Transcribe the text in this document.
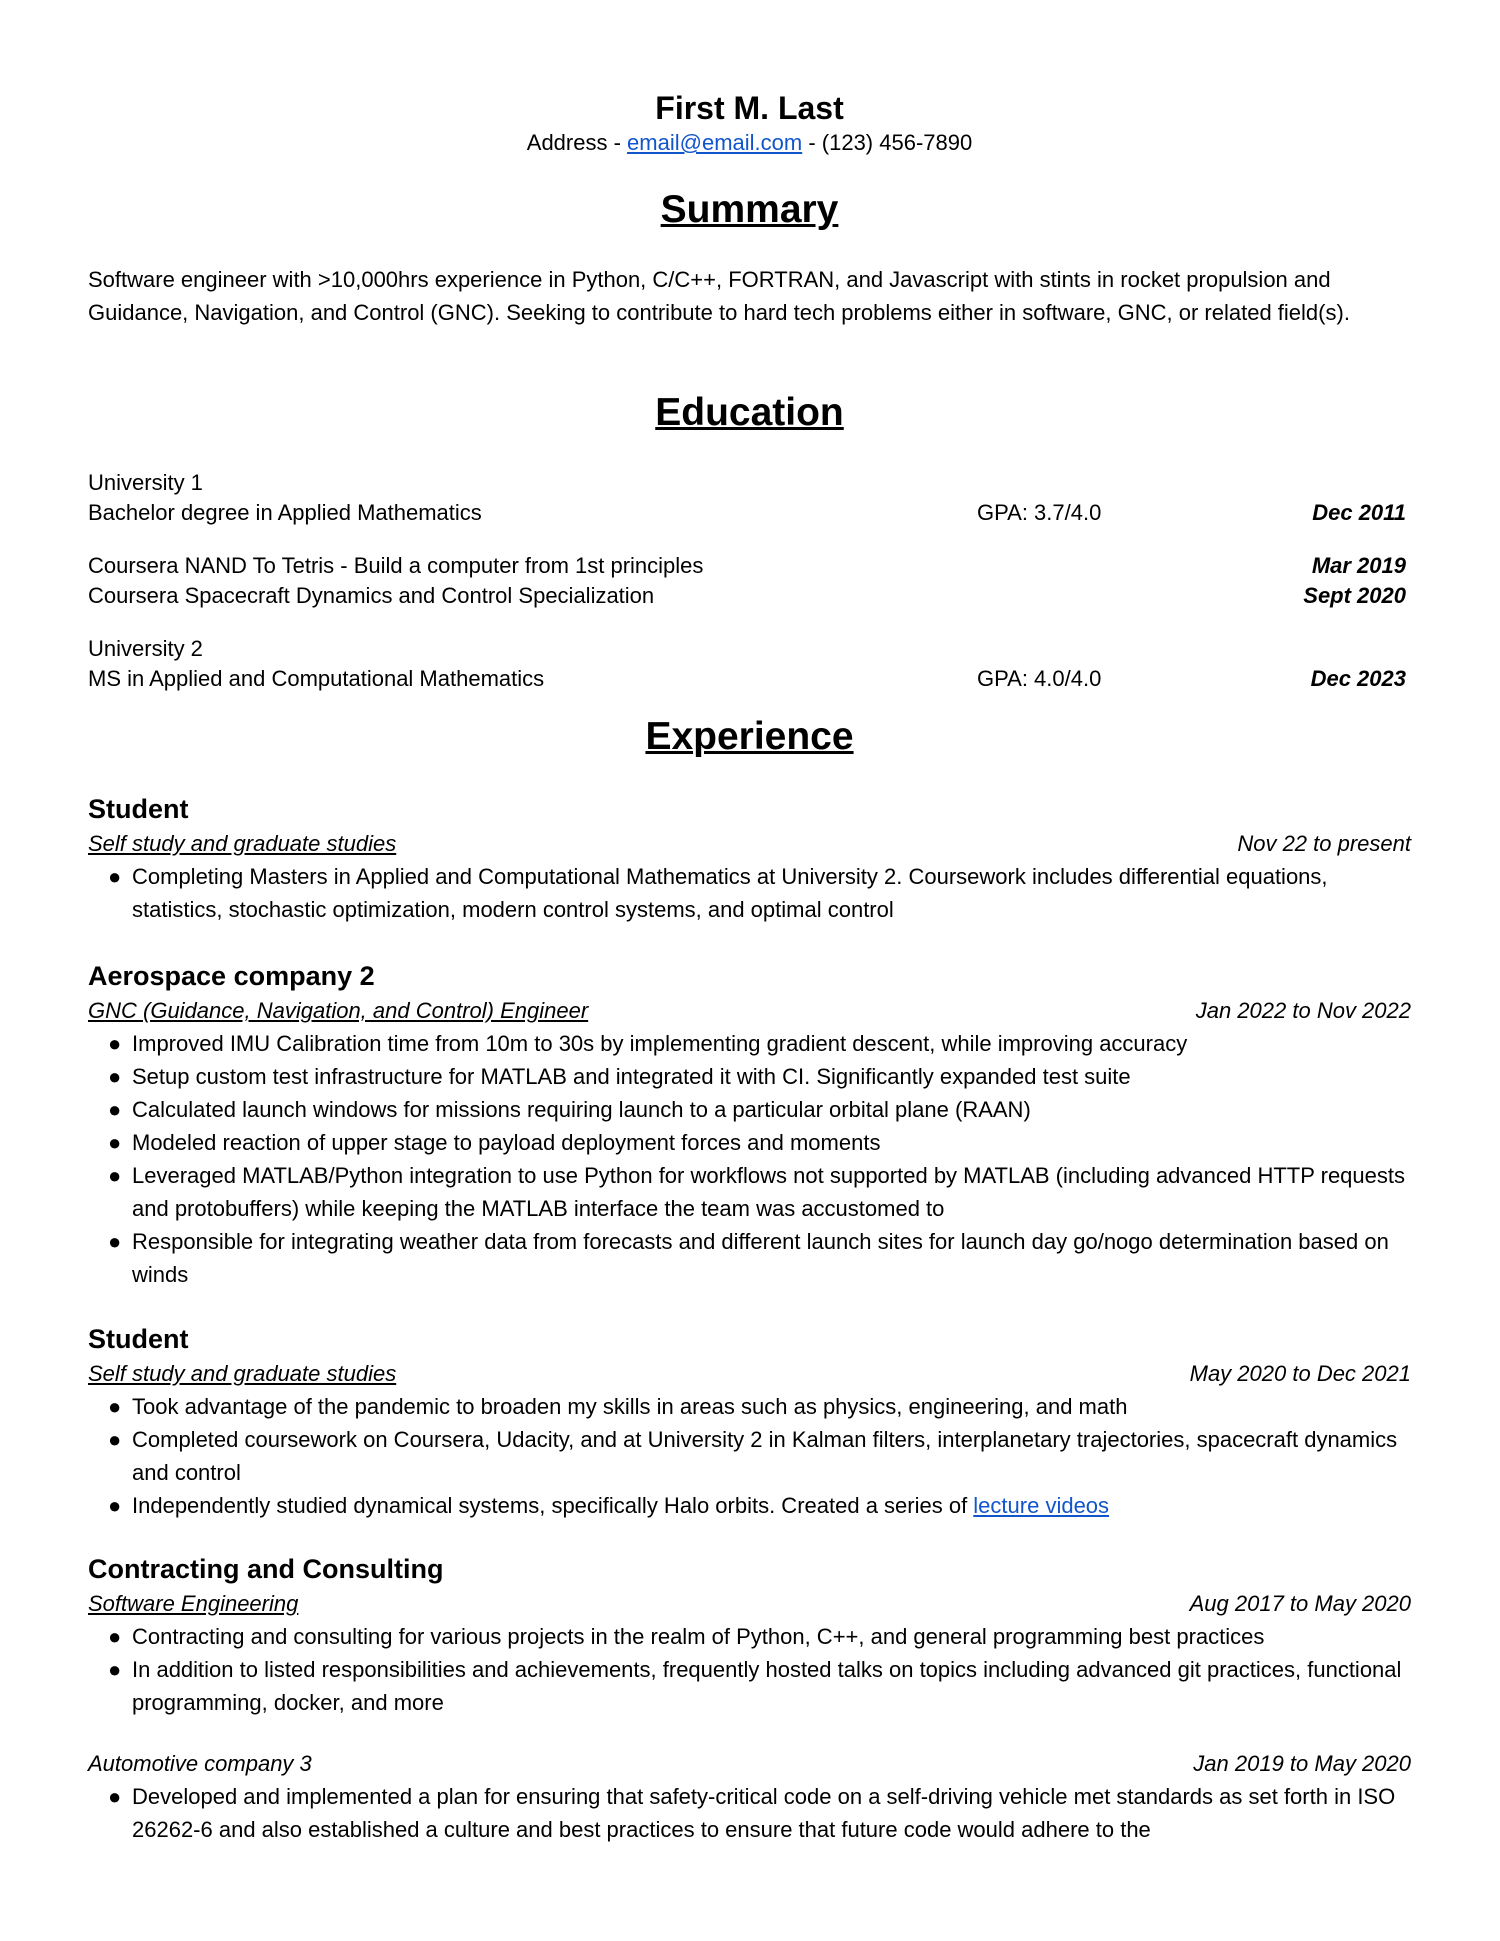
First M. Last
Address - email@email.com - (123) 456-7890
Summary
Software engineer with >10,000hrs experience in Python, C/C++, FORTRAN, and Javascript with stints in rocket propulsion and Guidance, Navigation, and Control (GNC). Seeking to contribute to hard tech problems either in software, GNC, or related field(s).
Education
University 1
Bachelor degree in Applied Mathematics	GPA: 3.7/4.0	Dec 2011
Coursera NAND To Tetris - Build a computer from 1st principles	Mar 2019
Coursera Spacecraft Dynamics and Control Specialization	Sept 2020
University 2
MS in Applied and Computational Mathematics	GPA: 4.0/4.0	Dec 2023
Experience
Student
Self study and graduate studies	Nov 22 to present
● Completing Masters in Applied and Computational Mathematics at University 2. Coursework includes differential equations, statistics, stochastic optimization, modern control systems, and optimal control
Aerospace company 2
GNC (Guidance, Navigation, and Control) Engineer	Jan 2022 to Nov 2022
● Improved IMU Calibration time from 10m to 30s by implementing gradient descent, while improving accuracy
● Setup custom test infrastructure for MATLAB and integrated it with CI. Significantly expanded test suite
● Calculated launch windows for missions requiring launch to a particular orbital plane (RAAN)
● Modeled reaction of upper stage to payload deployment forces and moments
● Leveraged MATLAB/Python integration to use Python for workflows not supported by MATLAB (including advanced HTTP requests and protobuffers) while keeping the MATLAB interface the team was accustomed to
● Responsible for integrating weather data from forecasts and different launch sites for launch day go/nogo determination based on winds
Student
Self study and graduate studies	May 2020 to Dec 2021
● Took advantage of the pandemic to broaden my skills in areas such as physics, engineering, and math
● Completed coursework on Coursera, Udacity, and at University 2 in Kalman filters, interplanetary trajectories, spacecraft dynamics and control
● Independently studied dynamical systems, specifically Halo orbits. Created a series of lecture videos
Contracting and Consulting
Software Engineering	Aug 2017 to May 2020
● Contracting and consulting for various projects in the realm of Python, C++, and general programming best practices
● In addition to listed responsibilities and achievements, frequently hosted talks on topics including advanced git practices, functional programming, docker, and more
Automotive company 3	Jan 2019 to May 2020
● Developed and implemented a plan for ensuring that safety-critical code on a self-driving vehicle met standards as set forth in ISO 26262-6 and also established a culture and best practices to ensure that future code would adhere to the
